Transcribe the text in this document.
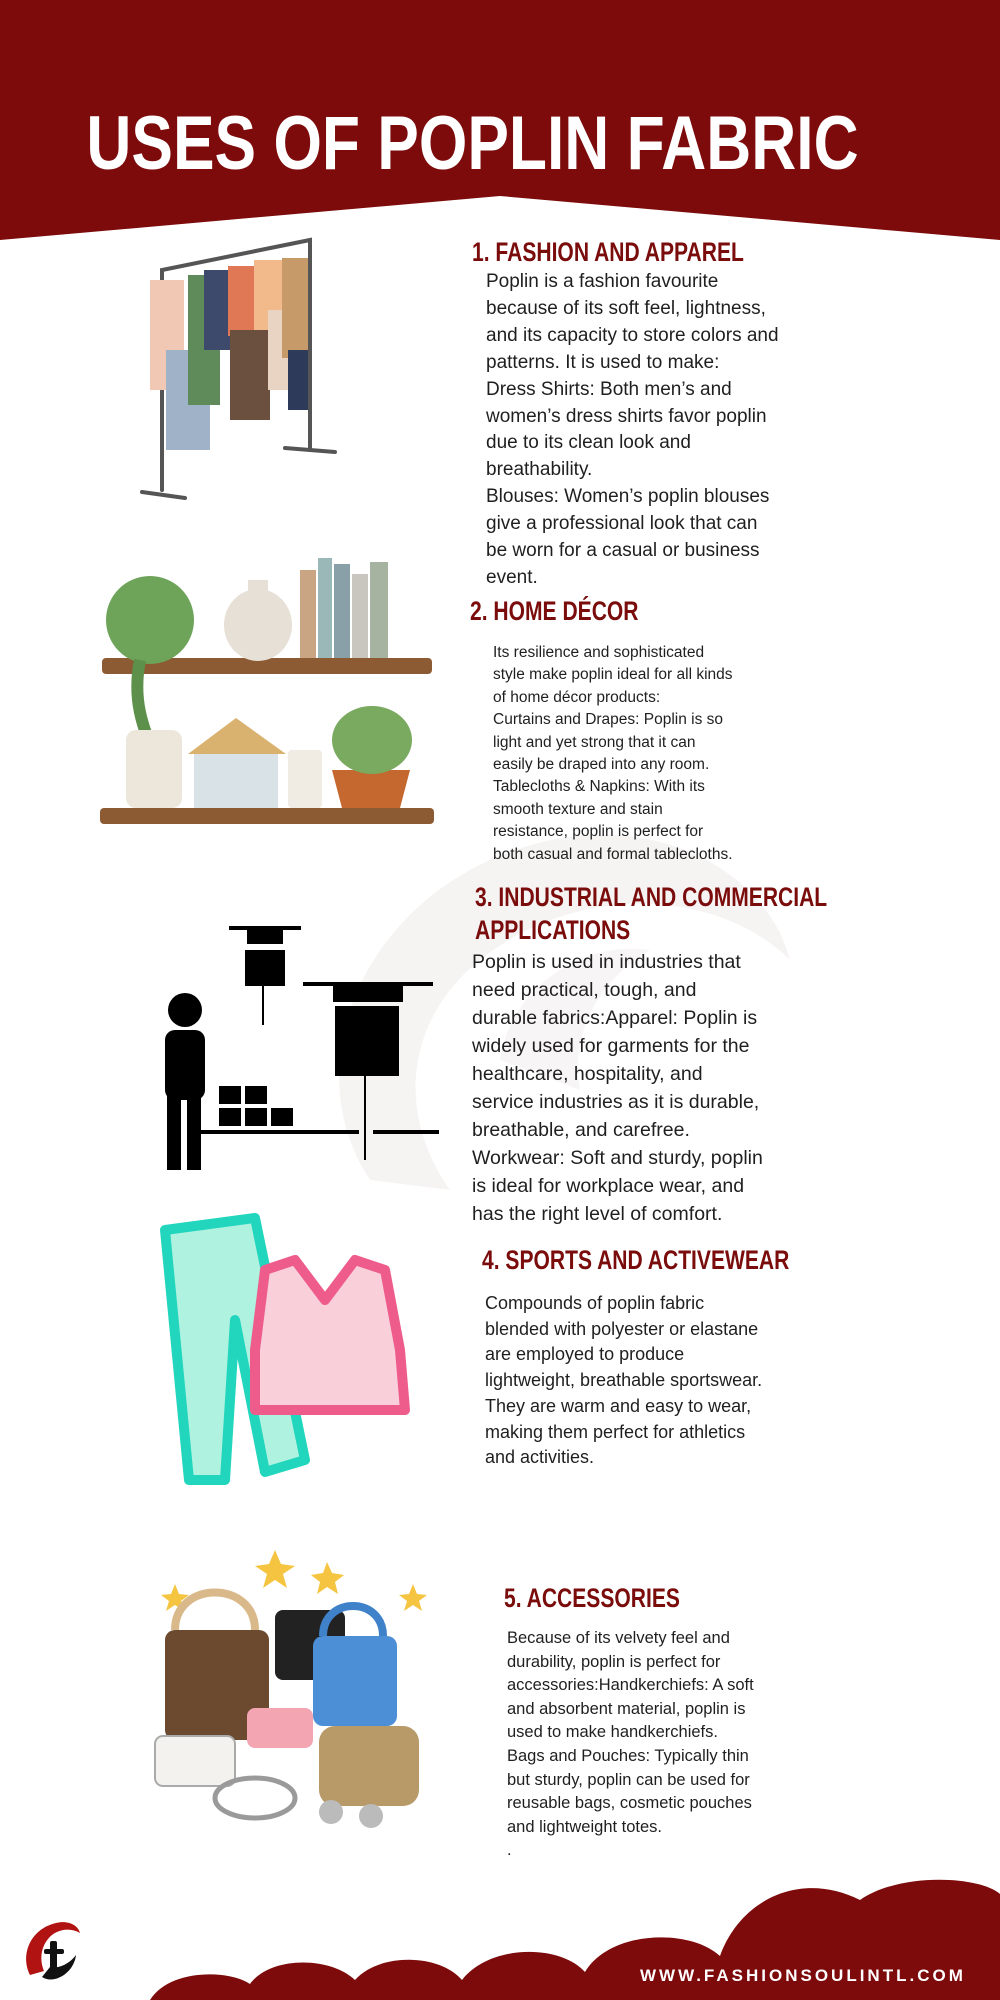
USES OF POPLIN FABRIC
1. FASHION AND APPAREL
Poplin is a fashion favourite
because of its soft feel, lightness,
and its capacity to store colors and
patterns. It is used to make:
Dress Shirts: Both men’s and
women’s dress shirts favor poplin
due to its clean look and
breathability.
Blouses: Women’s poplin blouses
give a professional look that can
be worn for a casual or business
event.
2. HOME DÉCOR
Its resilience and sophisticated
style make poplin ideal for all kinds
of home décor products:
Curtains and Drapes: Poplin is so
light and yet strong that it can
easily be draped into any room.
Tablecloths & Napkins: With its
smooth texture and stain
resistance, poplin is perfect for
both casual and formal tablecloths.
3. INDUSTRIAL AND COMMERCIAL
APPLICATIONS
Poplin is used in industries that
need practical, tough, and
durable fabrics:Apparel: Poplin is
widely used for garments for the
healthcare, hospitality, and
service industries as it is durable,
breathable, and carefree.
Workwear: Soft and sturdy, poplin
is ideal for workplace wear, and
has the right level of comfort.
4. SPORTS AND ACTIVEWEAR
Compounds of poplin fabric
blended with polyester or elastane
are employed to produce
lightweight, breathable sportswear.
They are warm and easy to wear,
making them perfect for athletics
and activities.
5. ACCESSORIES
Because of its velvety feel and
durability, poplin is perfect for
accessories:Handkerchiefs: A soft
and absorbent material, poplin is
used to make handkerchiefs.
Bags and Pouches: Typically thin
but sturdy, poplin can be used for
reusable bags, cosmetic pouches
and lightweight totes.
.
WWW.FASHIONSOULINTL.COM
